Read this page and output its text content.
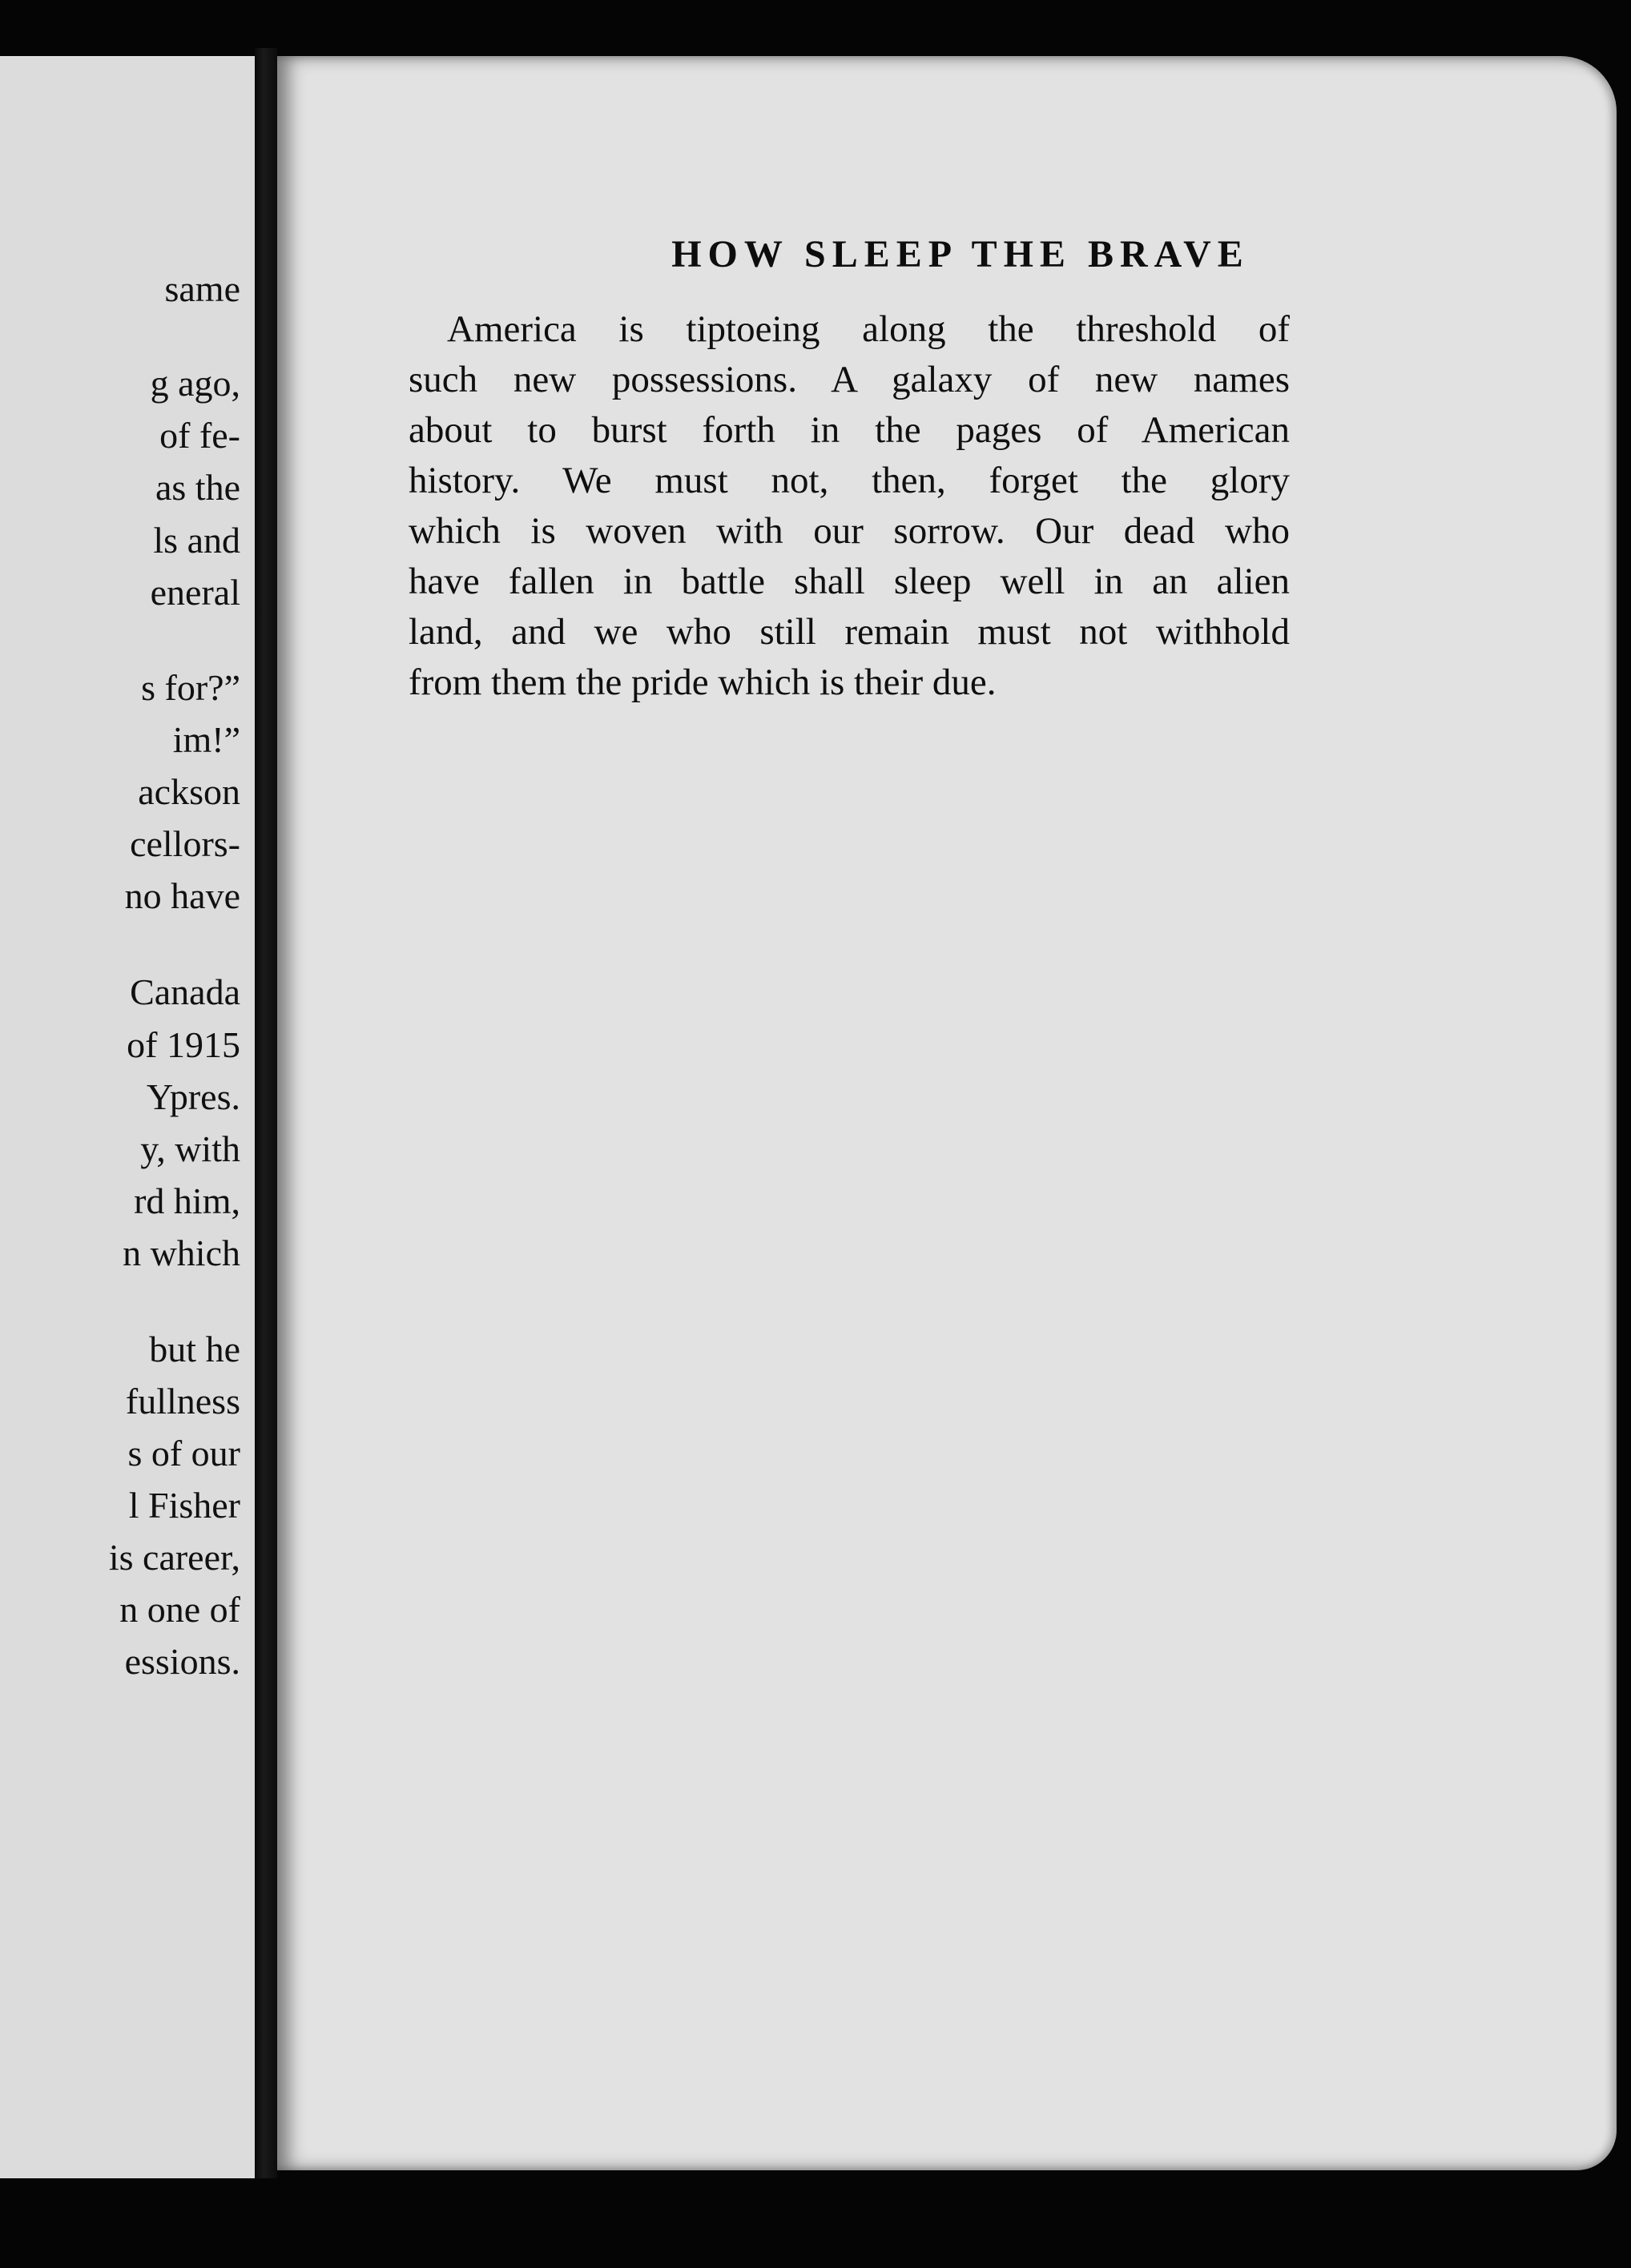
same
g ago,
of fe-
as the
ls and
eneral
s for?”
im!”
ackson
cellors-
no have
Canada
of 1915
Ypres.
y, with
rd him,
n which
but he
fullness
s of our
l Fisher
is career,
n one of
essions.
HOW SLEEP THE BRAVE
America is tiptoeing along the threshold of
such new possessions. A galaxy of new names
about to burst forth in the pages of American
history. We must not, then, forget the glory
which is woven with our sorrow. Our dead who
have fallen in battle shall sleep well in an alien
land, and we who still remain must not withhold
from them the pride which is their due.
